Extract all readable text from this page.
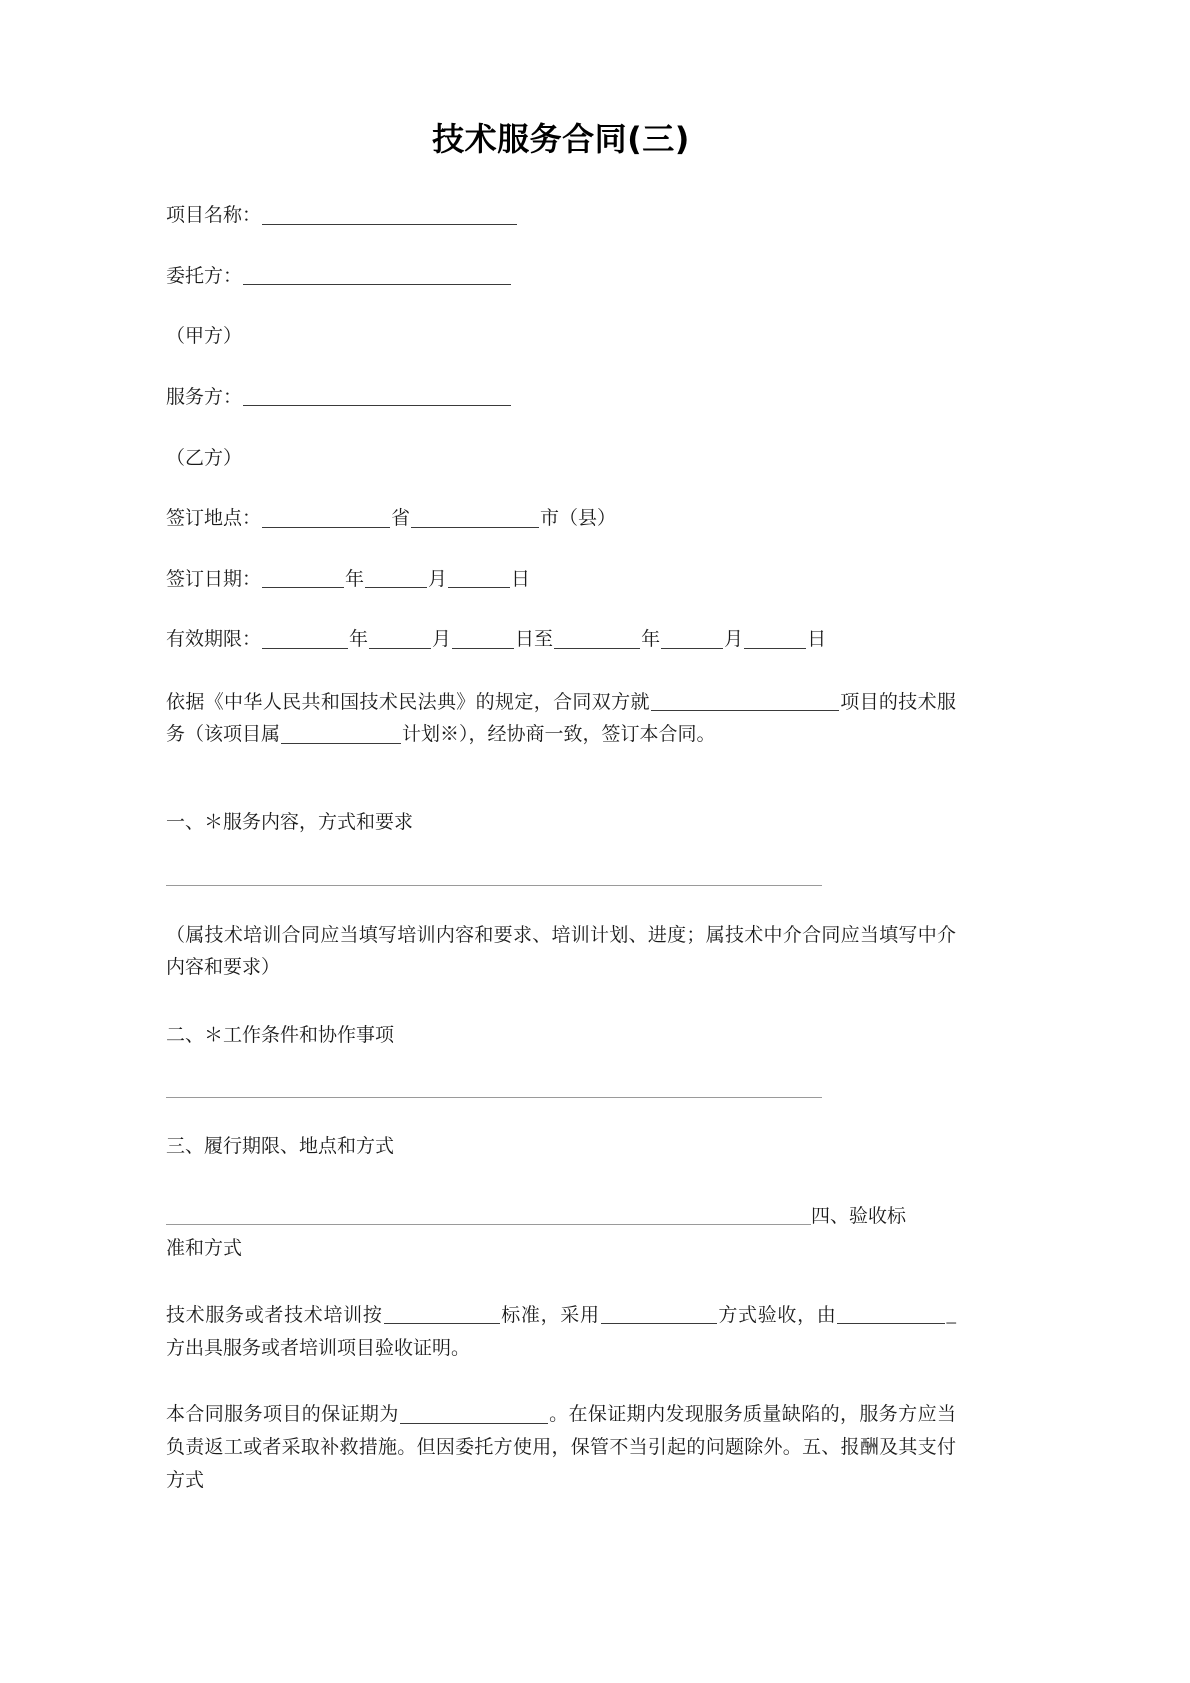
技术服务合同(三)
项目名称：
委托方：
（甲方）
服务方：
（乙方）
签订地点：	省	市（县）
签订日期：	年	月	日
有效期限：	年	月	日至	年	月	日

依据《中华人民共和国技术民法典》的规定，合同双方就	项目的技术服务（该项目属	计划※），经协商一致，签订本合同。

一、＊服务内容，方式和要求

（属技术培训合同应当填写培训内容和要求、培训计划、进度；属技术中介合同应当填写中介内容和要求）

二、＊工作条件和协作事项
三、履行期限、地点和方式
四、验收标
准和方式

技术服务或者技术培训按	标准，采用	方式验收，由	_方出具服务或者培训项目验收证明。

本合同服务项目的保证期为	。在保证期内发现服务质量缺陷的，服务方应当负责返工或者采取补救措施。但因委托方使用，保管不当引起的问题除外。五、报酬及其支付方式
